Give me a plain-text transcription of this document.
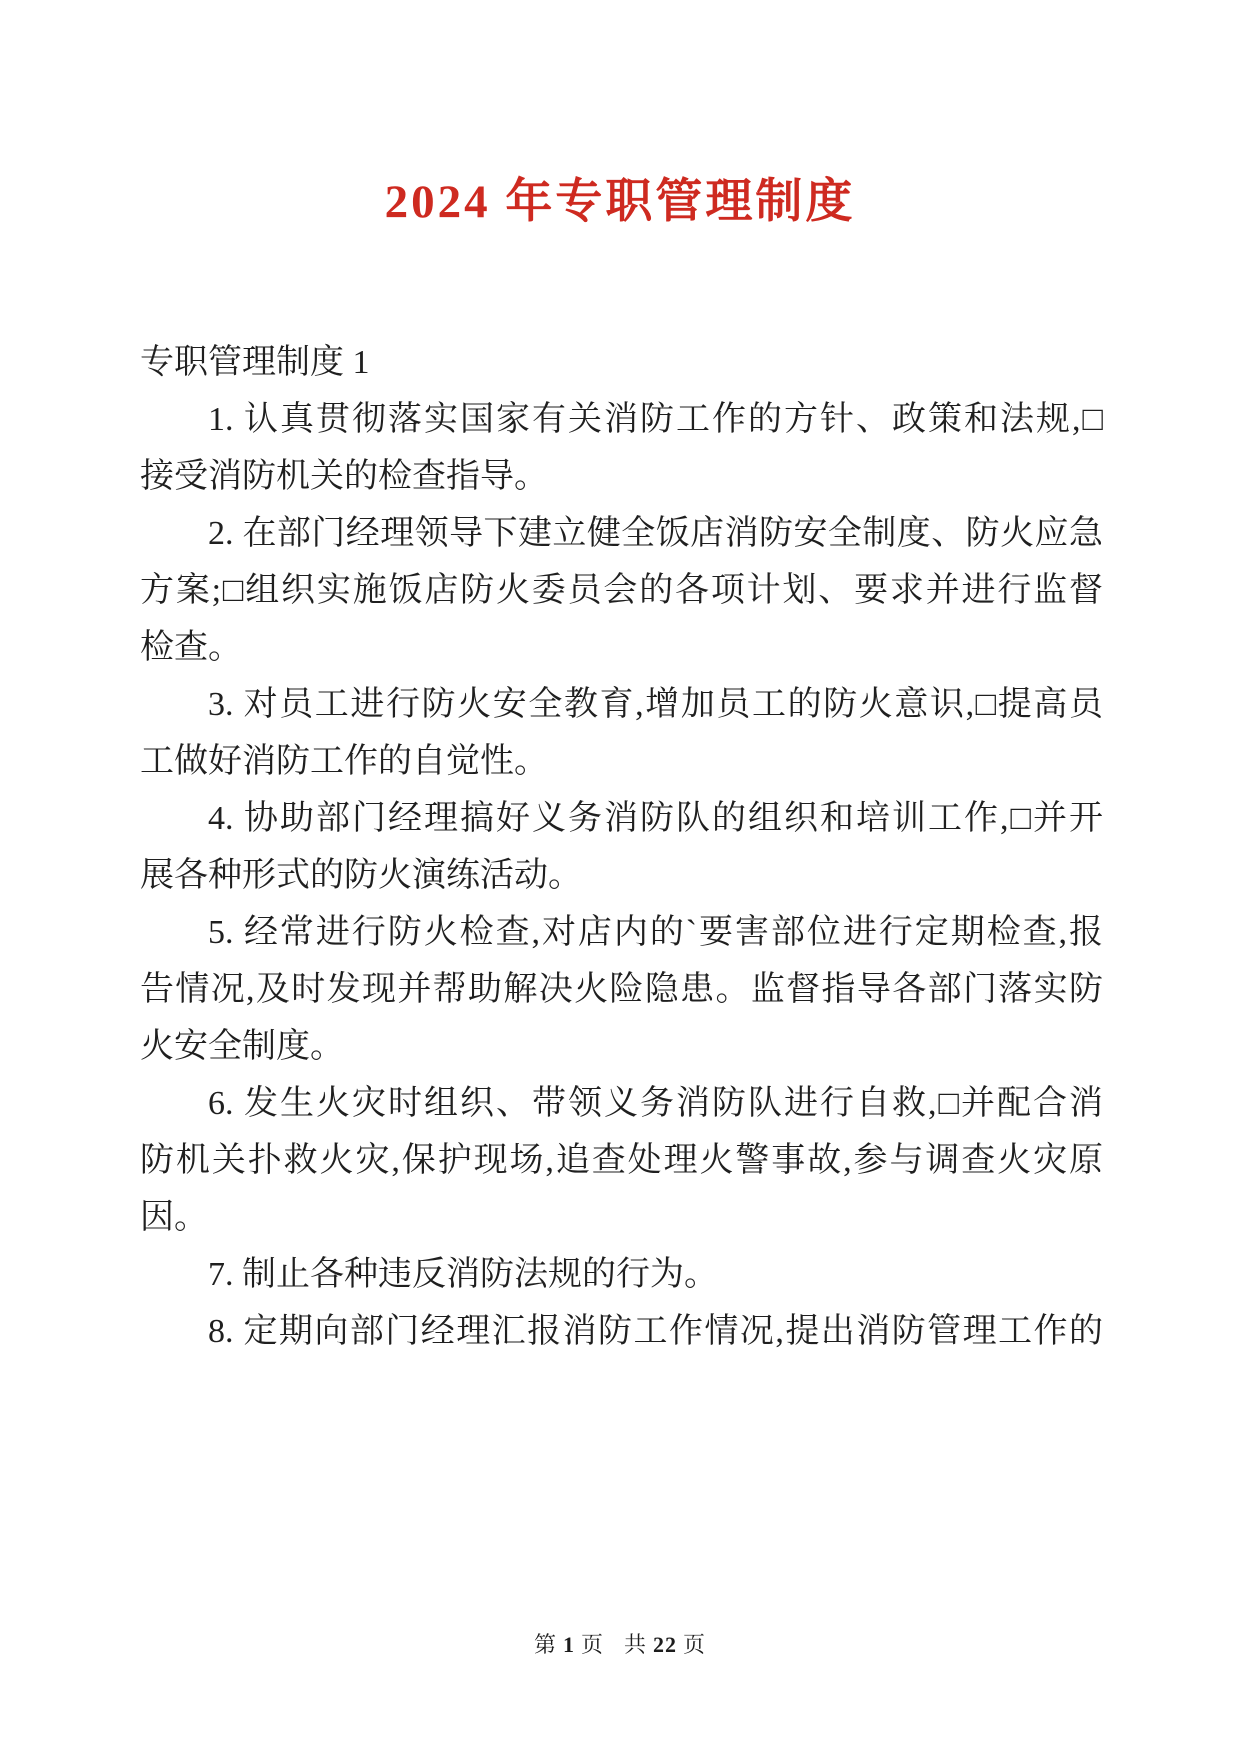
2024 年专职管理制度
专职管理制度 1
1. 认真贯彻落实国家有关消防工作的方针、政策和法规,□
接受消防机关的检查指导。
2. 在部门经理领导下建立健全饭店消防安全制度、防火应急
方案;□组织实施饭店防火委员会的各项计划、要求并进行监督
检查。
3. 对员工进行防火安全教育,增加员工的防火意识,□提高员
工做好消防工作的自觉性。
4. 协助部门经理搞好义务消防队的组织和培训工作,□并开
展各种形式的防火演练活动。
5. 经常进行防火检查,对店内的`要害部位进行定期检查,报
告情况,及时发现并帮助解决火险隐患。监督指导各部门落实防
火安全制度。
6. 发生火灾时组织、带领义务消防队进行自救,□并配合消
防机关扑救火灾,保护现场,追查处理火警事故,参与调查火灾原
因。
7. 制止各种违反消防法规的行为。
8. 定期向部门经理汇报消防工作情况,提出消防管理工作的
第 1 页 共 22 页
